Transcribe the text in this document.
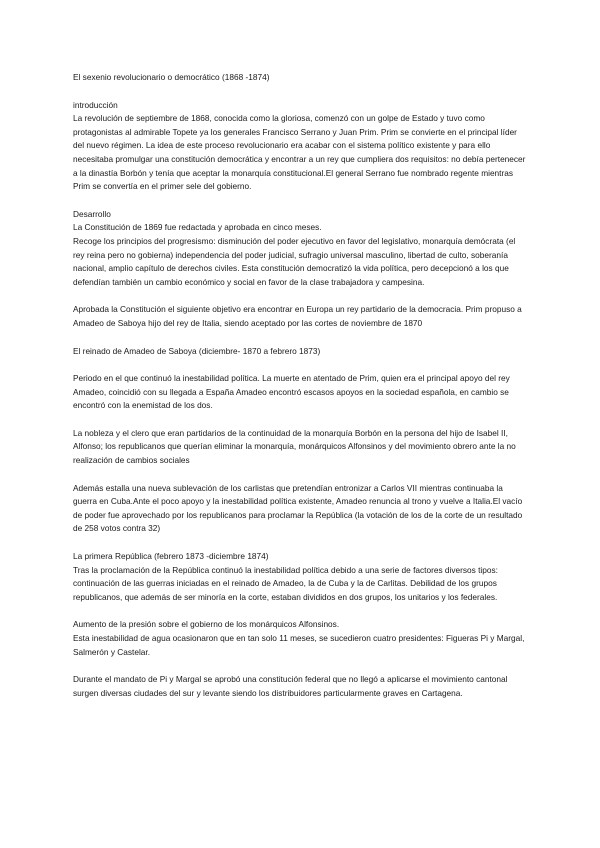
El sexenio revolucionario o democrático (1868 -1874)

introducción

La revolución de septiembre de 1868, conocida como la gloriosa, comenzó con un golpe de Estado y tuvo como protagonistas al admirable Topete ya los generales Francisco Serrano y Juan Prim. Prim se convierte en el principal líder del nuevo régimen. La idea de este proceso revolucionario era acabar con el sistema político existente y para ello necesitaba promulgar una constitución democrática y encontrar a un rey que cumpliera dos requisitos: no debía pertenecer a la dinastía Borbón y tenía que aceptar la monarquía constitucional.El general Serrano fue nombrado regente mientras Prim se convertía en el primer sele del gobierno.

Desarrollo

La Constitución de 1869 fue redactada y aprobada en cinco meses.

Recoge los principios del progresismo: disminución del poder ejecutivo en favor del legislativo, monarquía demócrata (el rey reina pero no gobierna) independencia del poder judicial, sufragio universal masculino, libertad de culto, soberanía nacional, amplio capítulo de derechos civiles. Esta constitución democratizó la vida política, pero decepcionó a los que defendían también un cambio económico y social en favor de la clase trabajadora y campesina.

Aprobada la Constitución el siguiente objetivo era encontrar en Europa un rey partidario de la democracia. Prim propuso a Amadeo de Saboya hijo del rey de Italia, siendo aceptado por las cortes de noviembre de 1870

El reinado de Amadeo de Saboya (diciembre- 1870 a febrero 1873)

Periodo en el que continuó la inestabilidad política. La muerte en atentado de Prim, quien era el principal apoyo del rey Amadeo, coincidió con su llegada a España Amadeo encontró escasos apoyos en la sociedad española, en cambio se encontró con la enemistad de los dos.

La nobleza y el clero que eran partidarios de la continuidad de la monarquía Borbón en la persona del hijo de Isabel II, Alfonso; los republicanos que querían eliminar la monarquía, monárquicos Alfonsinos y del movimiento obrero ante la no realización de cambios sociales

Además estalla una nueva sublevación de los carlistas que pretendían entronizar a Carlos VII mientras continuaba la guerra en Cuba.Ante el poco apoyo y la inestabilidad política existente, Amadeo renuncia al trono y vuelve a Italia.El vacío de poder fue aprovechado por los republicanos para proclamar la República (la votación de los de la corte de un resultado de 258 votos contra 32)

La primera República (febrero 1873 -diciembre 1874)

Tras la proclamación de la República continuó la inestabilidad política debido a una serie de factores diversos tipos: continuación de las guerras iniciadas en el reinado de Amadeo, la de Cuba y la de Carlitas. Debilidad de los grupos republicanos, que además de ser minoría en la corte, estaban divididos en dos grupos, los unitarios y los federales.

Aumento de la presión sobre el gobierno de los monárquicos Alfonsinos.

Esta inestabilidad de agua ocasionaron que en tan solo 11 meses, se sucedieron cuatro presidentes: Figueras Pi y Margal, Salmerón y Castelar.

Durante el mandato de Pi y Margal se aprobó una constitución federal que no llegó a aplicarse el movimiento cantonal surgen diversas ciudades del sur y levante siendo los distribuidores particularmente graves en Cartagena.
